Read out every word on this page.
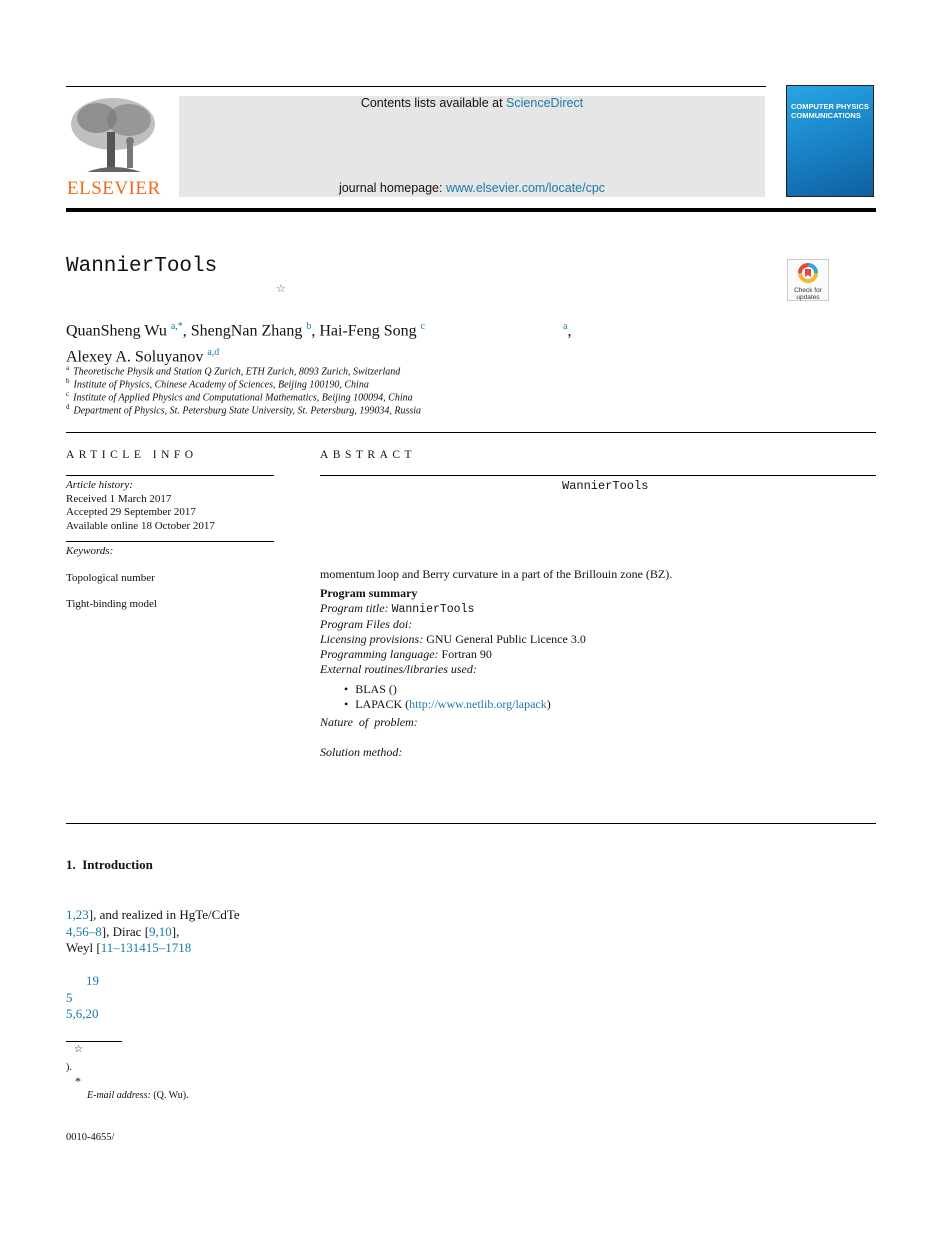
ELSEVIER
Contents lists available at ScienceDirect
journal homepage: www.elsevier.com/locate/cpc
COMPUTER PHYSICS COMMUNICATIONS
WannierTools
☆	Check for updates
QuanSheng Wu $^{a,*}$, ShengNan Zhang $^b$, Hai-Feng Song $^c$	$^a$,
Alexey A. Soluyanov $^{a,d}$
$^a$ Theoretische Physik and Station Q Zurich, ETH Zurich, 8093 Zurich, Switzerland
$^b$ Institute of Physics, Chinese Academy of Sciences, Beijing 100190, China
$^c$ Institute of Applied Physics and Computational Mathematics, Beijing 100094, China
$^d$ Department of Physics, St. Petersburg State University, St. Petersburg, 199034, Russia
ARTICLE INFO
Article history:
Received 1 March 2017
Accepted 29 September 2017
Available online 18 October 2017
Keywords:
Topological number
Tight-binding model
ABSTRACT
WannierTools
momentum loop and Berry curvature in a part of the Brillouin zone (BZ).
Program summary
Program title: WannierTools
Program Files doi:
Licensing provisions: GNU General Public Licence 3.0
Programming language: Fortran 90
External routines/libraries used:
• BLAS ()
• LAPACK (http://www.netlib.org/lapack)
Nature of problem:
Solution method:
1.  Introduction
1,23], and realized in HgTe/CdTe
4,56–8], Dirac [9,10],
Weyl [11–131415–1718
19
5
5,6,20
☆
).
*
E-mail address: (Q. Wu).
0010-4655/
